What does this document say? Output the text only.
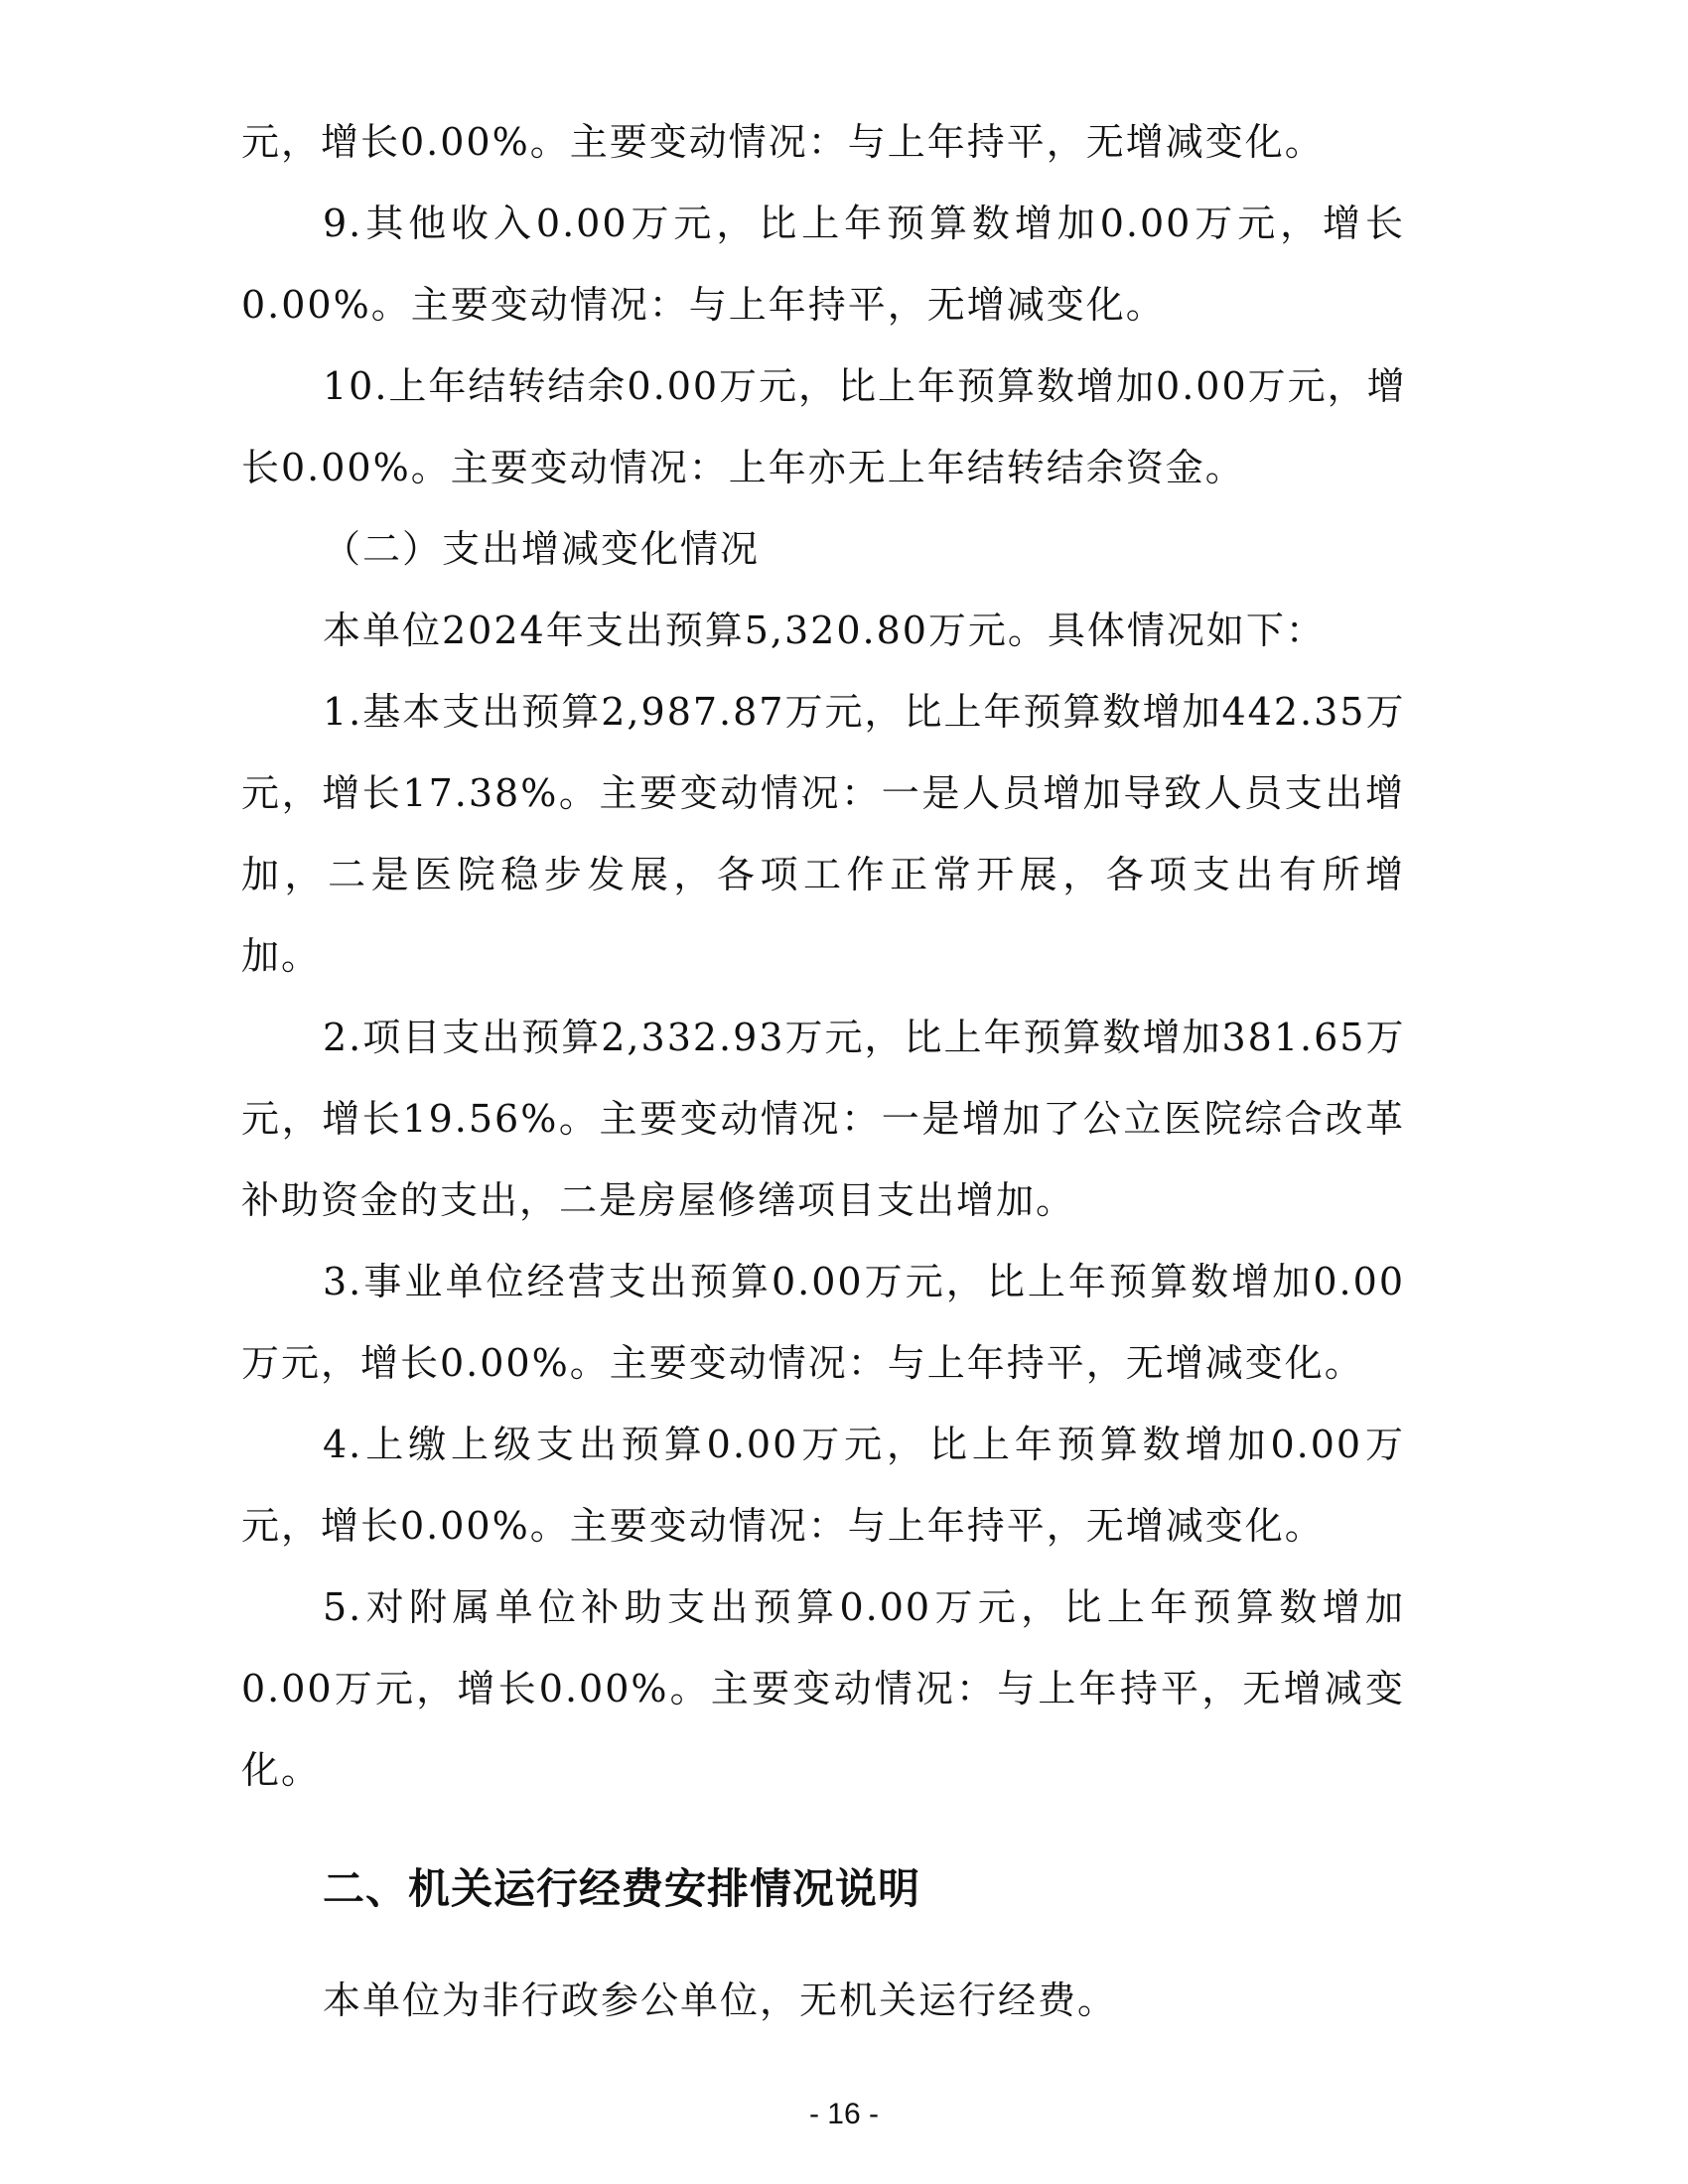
元，增长0.00%。主要变动情况：与上年持平，无增减变化。
9.其他收入0.00万元，比上年预算数增加0.00万元，增长
0.00%。主要变动情况：与上年持平，无增减变化。
10.上年结转结余0.00万元，比上年预算数增加0.00万元，增
长0.00%。主要变动情况：上年亦无上年结转结余资金。
（二）支出增减变化情况
本单位2024年支出预算5,320.80万元。具体情况如下：
1.基本支出预算2,987.87万元，比上年预算数增加442.35万
元，增长17.38%。主要变动情况：一是人员增加导致人员支出增
加，二是医院稳步发展，各项工作正常开展，各项支出有所增
加。
2.项目支出预算2,332.93万元，比上年预算数增加381.65万
元，增长19.56%。主要变动情况：一是增加了公立医院综合改革
补助资金的支出，二是房屋修缮项目支出增加。
3.事业单位经营支出预算0.00万元，比上年预算数增加0.00
万元，增长0.00%。主要变动情况：与上年持平，无增减变化。
4.上缴上级支出预算0.00万元，比上年预算数增加0.00万
元，增长0.00%。主要变动情况：与上年持平，无增减变化。
5.对附属单位补助支出预算0.00万元，比上年预算数增加
0.00万元，增长0.00%。主要变动情况：与上年持平，无增减变
化。
二、机关运行经费安排情况说明
本单位为非行政参公单位，无机关运行经费。
- 16 -
